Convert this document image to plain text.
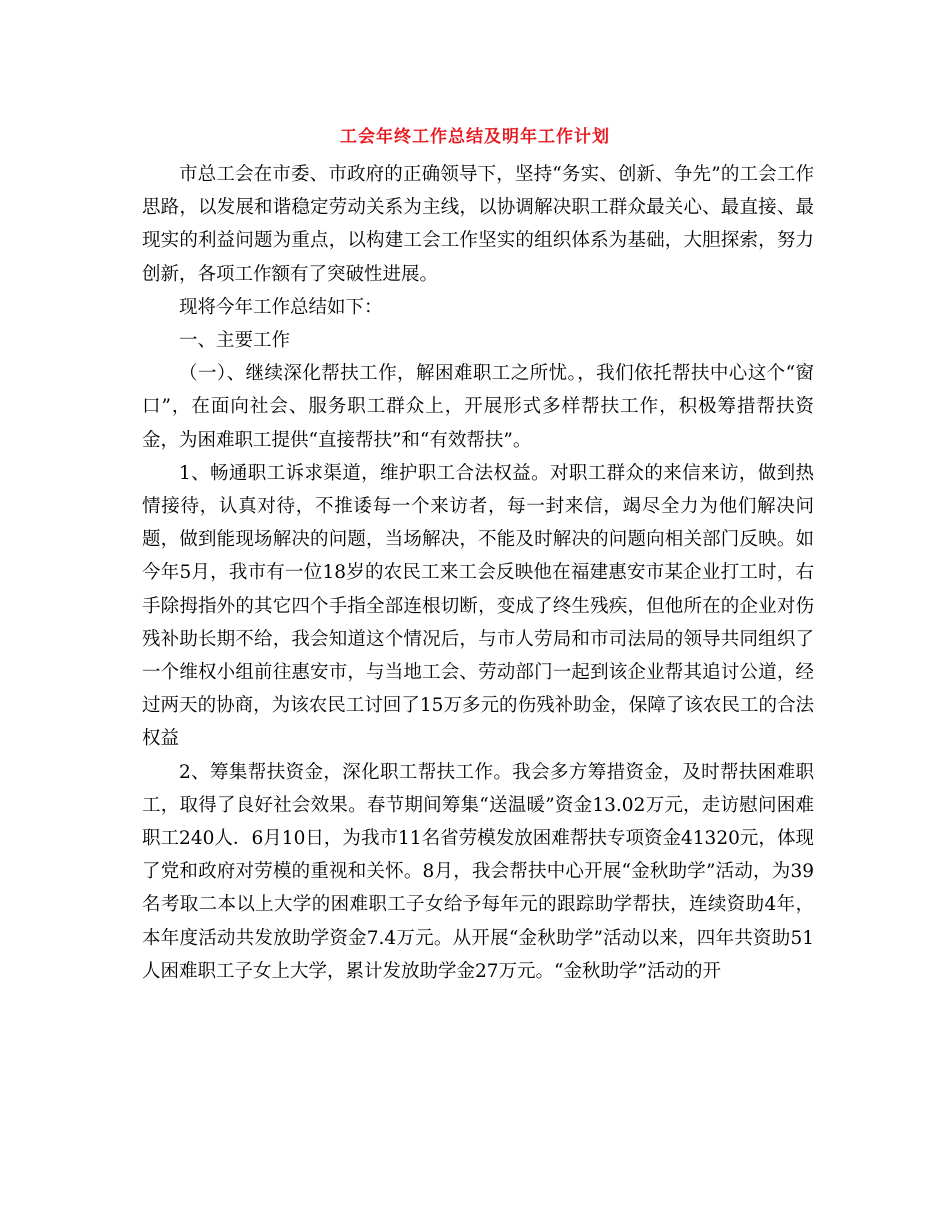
工会年终工作总结及明年工作计划

市总工会在市委、市政府的正确领导下，坚持“务实、创新、争先”的工会工作思路，以发展和谐稳定劳动关系为主线，以协调解决职工群众最关心、最直接、最现实的利益问题为重点，以构建工会工作坚实的组织体系为基础，大胆探索，努力创新，各项工作额有了突破性进展。

现将今年工作总结如下：

一、主要工作

（一）、继续深化帮扶工作，解困难职工之所忧。，我们依托帮扶中心这个“窗口”，在面向社会、服务职工群众上，开展形式多样帮扶工作，积极筹措帮扶资金，为困难职工提供“直接帮扶”和“有效帮扶”。

1、畅通职工诉求渠道，维护职工合法权益。对职工群众的来信来访，做到热情接待，认真对待，不推诿每一个来访者，每一封来信，竭尽全力为他们解决问题，做到能现场解决的问题，当场解决，不能及时解决的问题向相关部门反映。如今年5月，我市有一位18岁的农民工来工会反映他在福建惠安市某企业打工时，右手除拇指外的其它四个手指全部连根切断，变成了终生残疾，但他所在的企业对伤残补助长期不给，我会知道这个情况后，与市人劳局和市司法局的领导共同组织了一个维权小组前往惠安市，与当地工会、劳动部门一起到该企业帮其追讨公道，经过两天的协商，为该农民工讨回了15万多元的伤残补助金，保障了该农民工的合法权益

2、筹集帮扶资金，深化职工帮扶工作。我会多方筹措资金，及时帮扶困难职工，取得了良好社会效果。春节期间筹集“送温暖”资金13.02万元，走访慰问困难职工240人．6月10日，为我市11名省劳模发放困难帮扶专项资金41320元，体现了党和政府对劳模的重视和关怀。8月，我会帮扶中心开展“金秋助学”活动，为39名考取二本以上大学的困难职工子女给予每年元的跟踪助学帮扶，连续资助4年，本年度活动共发放助学资金7.4万元。从开展“金秋助学”活动以来，四年共资助51人困难职工子女上大学，累计发放助学金27万元。“金秋助学”活动的开
